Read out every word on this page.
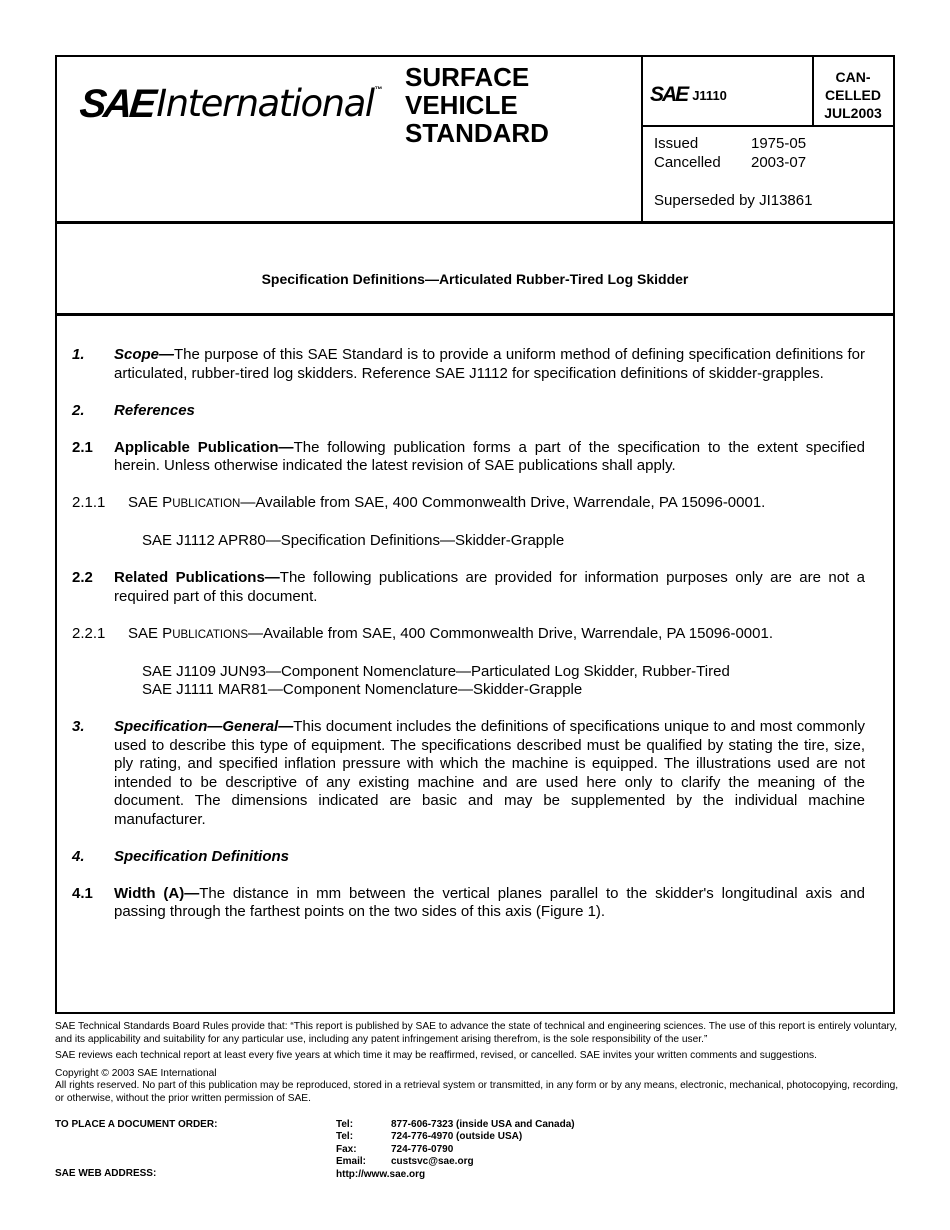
SAE International ™ SURFACE
VEHICLE
STANDARD
SAE J1110
CAN-
CELLED
JUL2003
Issued	1975-05
Cancelled	2003-07
Superseded by JI13861
Specification Definitions—Articulated Rubber-Tired Log Skidder
1. Scope—The purpose of this SAE Standard is to provide a uniform method of defining specification definitions for articulated, rubber-tired log skidders. Reference SAE J1112 for specification definitions of skidder-grapples.
2. References
2.1 Applicable Publication—The following publication forms a part of the specification to the extent specified herein. Unless otherwise indicated the latest revision of SAE publications shall apply.
2.1.1 SAE PUBLICATION—Available from SAE, 400 Commonwealth Drive, Warrendale, PA 15096-0001.
SAE J1112 APR80—Specification Definitions—Skidder-Grapple
2.2 Related Publications—The following publications are provided for information purposes only are are not a required part of this document.
2.2.1 SAE PUBLICATIONS—Available from SAE, 400 Commonwealth Drive, Warrendale, PA 15096-0001.
SAE J1109 JUN93—Component Nomenclature—Particulated Log Skidder, Rubber-Tired
SAE J1111 MAR81—Component Nomenclature—Skidder-Grapple
3. Specification—General—This document includes the definitions of specifications unique to and most commonly used to describe this type of equipment. The specifications described must be qualified by stating the tire, size, ply rating, and specified inflation pressure with which the machine is equipped. The illustrations used are not intended to be descriptive of any existing machine and are used here only to clarify the meaning of the document. The dimensions indicated are basic and may be supplemented by the individual machine manufacturer.
4. Specification Definitions
4.1 Width (A)—The distance in mm between the vertical planes parallel to the skidder's longitudinal axis and passing through the farthest points on the two sides of this axis (Figure 1).

SAE Technical Standards Board Rules provide that: “This report is published by SAE to advance the state of technical and engineering sciences. The use of this report is entirely voluntary, and its applicability and suitability for any particular use, including any patent infringement arising therefrom, is the sole responsibility of the user.”

SAE reviews each technical report at least every five years at which time it may be reaffirmed, revised, or cancelled. SAE invites your written comments and suggestions.

Copyright © 2003 SAE International

All rights reserved. No part of this publication may be reproduced, stored in a retrieval system or transmitted, in any form or by any means, electronic, mechanical, photocopying, recording, or otherwise, without the prior written permission of SAE.

TO PLACE A DOCUMENT ORDER:
SAE WEB ADDRESS:
Tel:	877-606-7323 (inside USA and Canada)
Tel:	724-776-4970 (outside USA)
Fax:	724-776-0790
Email:	custsvc@sae.org
http://www.sae.org
